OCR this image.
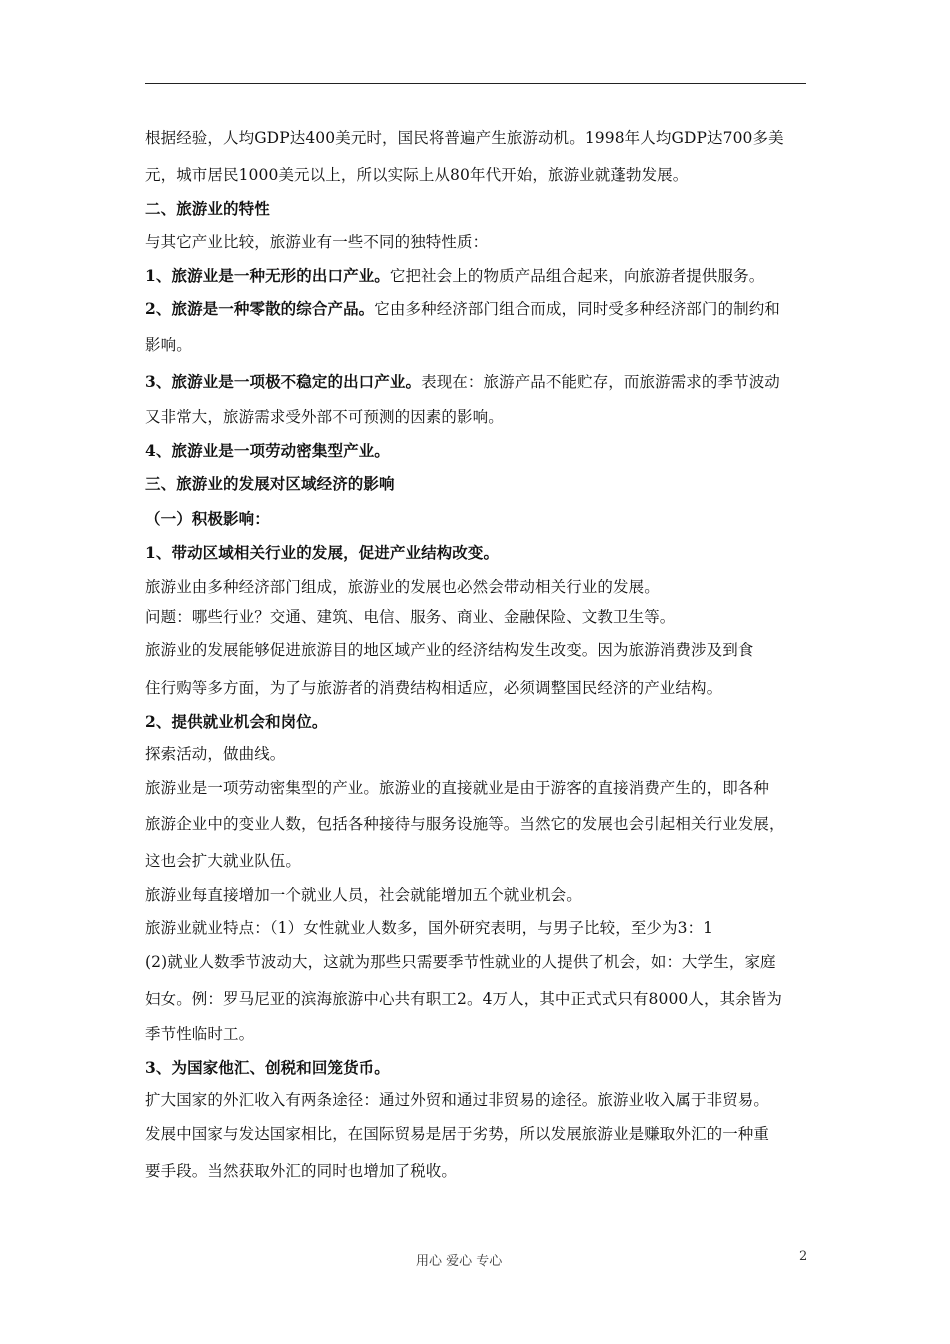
根据经验，人均GDP达400美元时，国民将普遍产生旅游动机。1998年人均GDP达700多美
元，城市居民1000美元以上，所以实际上从80年代开始，旅游业就蓬勃发展。
二、旅游业的特性
与其它产业比较，旅游业有一些不同的独特性质：
1、旅游业是一种无形的出口产业。它把社会上的物质产品组合起来，向旅游者提供服务。
2、旅游是一种零散的综合产品。它由多种经济部门组合而成，同时受多种经济部门的制约和
影响。
3、旅游业是一项极不稳定的出口产业。表现在：旅游产品不能贮存，而旅游需求的季节波动
又非常大，旅游需求受外部不可预测的因素的影响。
4、旅游业是一项劳动密集型产业。
三、旅游业的发展对区域经济的影响
（一）积极影响：
1、带动区域相关行业的发展，促进产业结构改变。
旅游业由多种经济部门组成，旅游业的发展也必然会带动相关行业的发展。
问题：哪些行业？交通、建筑、电信、服务、商业、金融保险、文教卫生等。
旅游业的发展能够促进旅游目的地区域产业的经济结构发生改变。因为旅游消费涉及到食
住行购等多方面，为了与旅游者的消费结构相适应，必须调整国民经济的产业结构。
2、提供就业机会和岗位。
探索活动，做曲线。
旅游业是一项劳动密集型的产业。旅游业的直接就业是由于游客的直接消费产生的，即各种
旅游企业中的变业人数，包括各种接待与服务设施等。当然它的发展也会引起相关行业发展，
这也会扩大就业队伍。
旅游业每直接增加一个就业人员，社会就能增加五个就业机会。
旅游业就业特点：（1）女性就业人数多，国外研究表明，与男子比较，至少为3：1
(2)就业人数季节波动大，这就为那些只需要季节性就业的人提供了机会，如：大学生，家庭
妇女。例：罗马尼亚的滨海旅游中心共有职工2。4万人，其中正式式只有8000人，其余皆为
季节性临时工。
3、为国家他汇、创税和回笼货币。
扩大国家的外汇收入有两条途径：通过外贸和通过非贸易的途径。旅游业收入属于非贸易。
发展中国家与发达国家相比，在国际贸易是居于劣势，所以发展旅游业是赚取外汇的一种重
要手段。当然获取外汇的同时也增加了税收。
用心 爱心 专心	2
